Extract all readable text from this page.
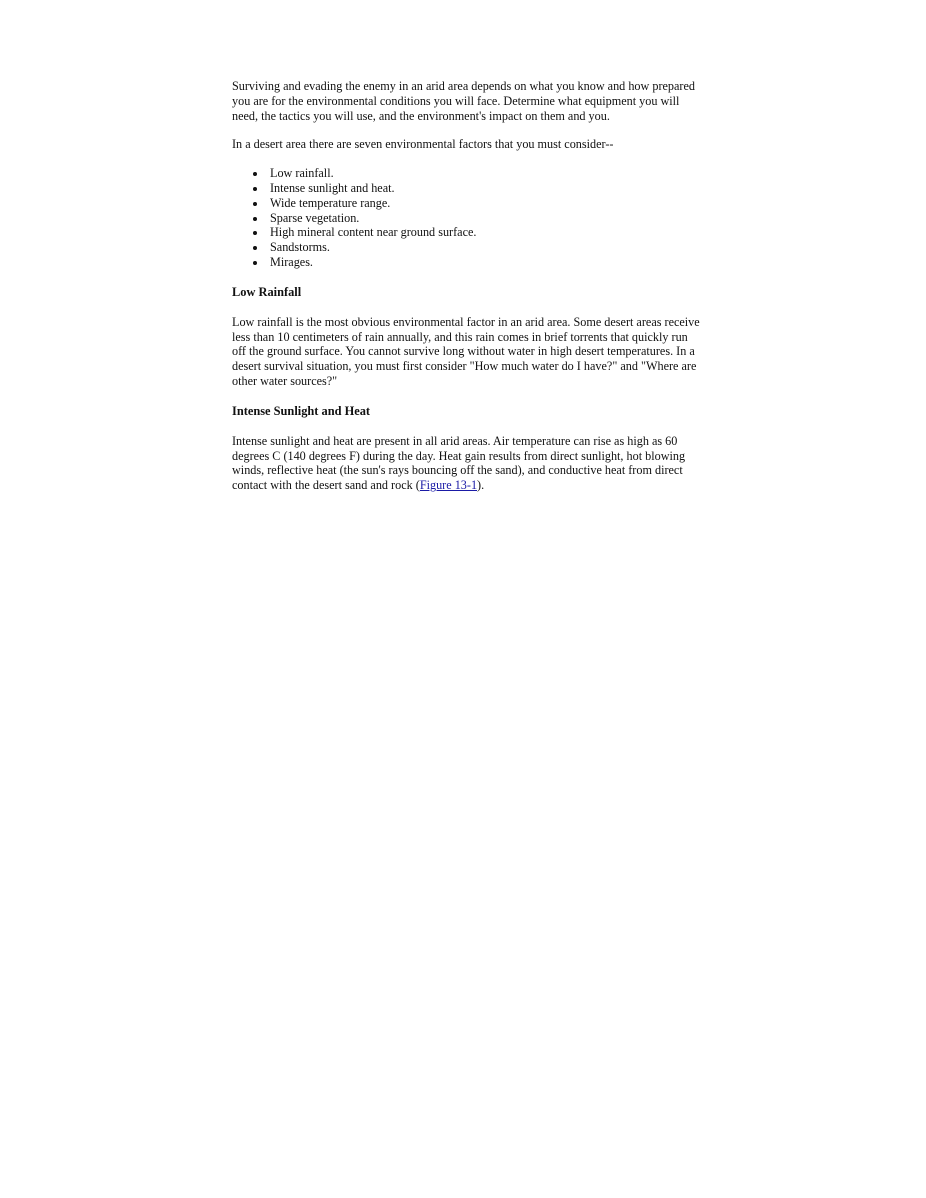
Surviving and evading the enemy in an arid area depends on what you know and how prepared you are for the environmental conditions you will face. Determine what equipment you will need, the tactics you will use, and the environment's impact on them and you.

In a desert area there are seven environmental factors that you must consider--

Low rainfall.
Intense sunlight and heat.
Wide temperature range.
Sparse vegetation.
High mineral content near ground surface.
Sandstorms.
Mirages.
Low Rainfall

Low rainfall is the most obvious environmental factor in an arid area. Some desert areas receive less than 10 centimeters of rain annually, and this rain comes in brief torrents that quickly run off the ground surface. You cannot survive long without water in high desert temperatures. In a desert survival situation, you must first consider "How much water do I have?" and "Where are other water sources?"

Intense Sunlight and Heat

Intense sunlight and heat are present in all arid areas. Air temperature can rise as high as 60 degrees C (140 degrees F) during the day. Heat gain results from direct sunlight, hot blowing winds, reflective heat (the sun's rays bouncing off the sand), and conductive heat from direct contact with the desert sand and rock (Figure 13-1).
